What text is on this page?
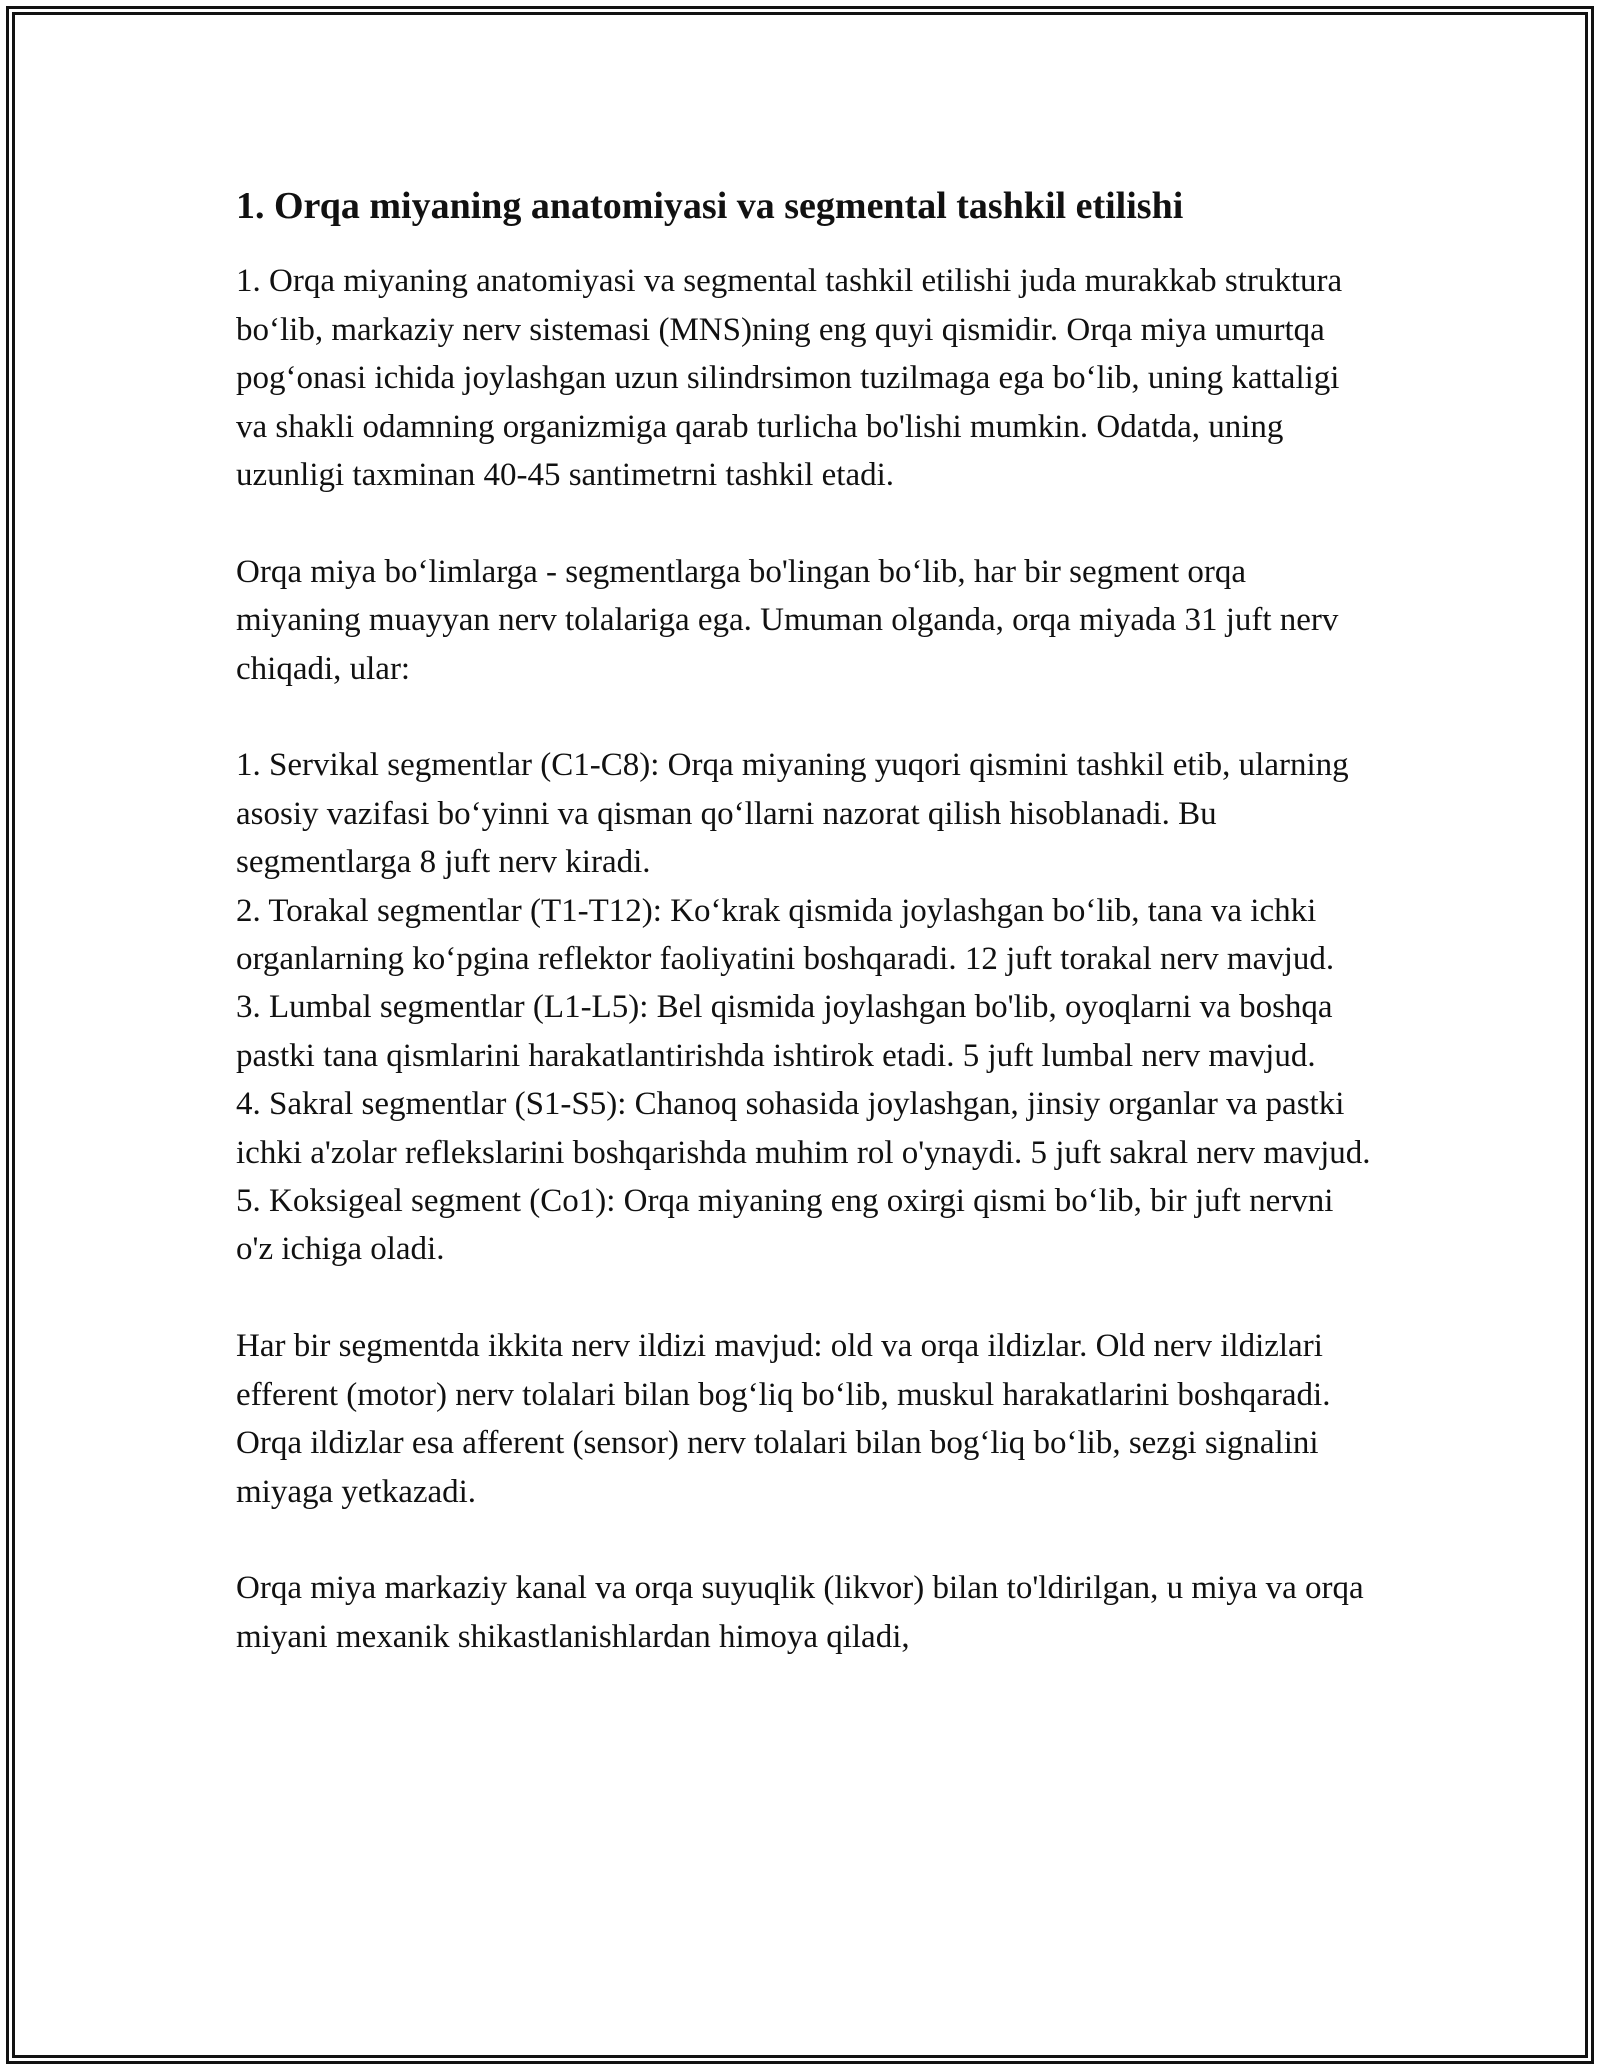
1. Orqa miyaning anatomiyasi va segmental tashkil etilishi

1. Orqa miyaning anatomiyasi va segmental tashkil etilishi juda murakkab struktura bo‘lib, markaziy nerv sistemasi (MNS)ning eng quyi qismidir. Orqa miya umurtqa pog‘onasi ichida joylashgan uzun silindrsimon tuzilmaga ega bo‘lib, uning kattaligi va shakli odamning organizmiga qarab turlicha bo'lishi mumkin. Odatda, uning uzunligi taxminan 40-45 santimetrni tashkil etadi.

Orqa miya bo‘limlarga - segmentlarga bo'lingan bo‘lib, har bir segment orqa miyaning muayyan nerv tolalariga ega. Umuman olganda, orqa miyada 31 juft nerv chiqadi, ular:

1. Servikal segmentlar (C1-C8): Orqa miyaning yuqori qismini tashkil etib, ularning asosiy vazifasi bo‘yinni va qisman qo‘llarni nazorat qilish hisoblanadi. Bu segmentlarga 8 juft nerv kiradi.

2. Torakal segmentlar (T1-T12): Ko‘krak qismida joylashgan bo‘lib, tana va ichki organlarning ko‘pgina reflektor faoliyatini boshqaradi. 12 juft torakal nerv mavjud.

3. Lumbal segmentlar (L1-L5): Bel qismida joylashgan bo'lib, oyoqlarni va boshqa pastki tana qismlarini harakatlantirishda ishtirok etadi. 5 juft lumbal nerv mavjud.

4. Sakral segmentlar (S1-S5): Chanoq sohasida joylashgan, jinsiy organlar va pastki ichki a'zolar reflekslarini boshqarishda muhim rol o'ynaydi. 5 juft sakral nerv mavjud.

5. Koksigeal segment (Co1): Orqa miyaning eng oxirgi qismi bo‘lib, bir juft nervni o'z ichiga oladi.

Har bir segmentda ikkita nerv ildizi mavjud: old va orqa ildizlar. Old nerv ildizlari efferent (motor) nerv tolalari bilan bog‘liq bo‘lib, muskul harakatlarini boshqaradi. Orqa ildizlar esa afferent (sensor) nerv tolalari bilan bog‘liq bo‘lib, sezgi signalini miyaga yetkazadi.

Orqa miya markaziy kanal va orqa suyuqlik (likvor) bilan to'ldirilgan, u miya va orqa miyani mexanik shikastlanishlardan himoya qiladi,
